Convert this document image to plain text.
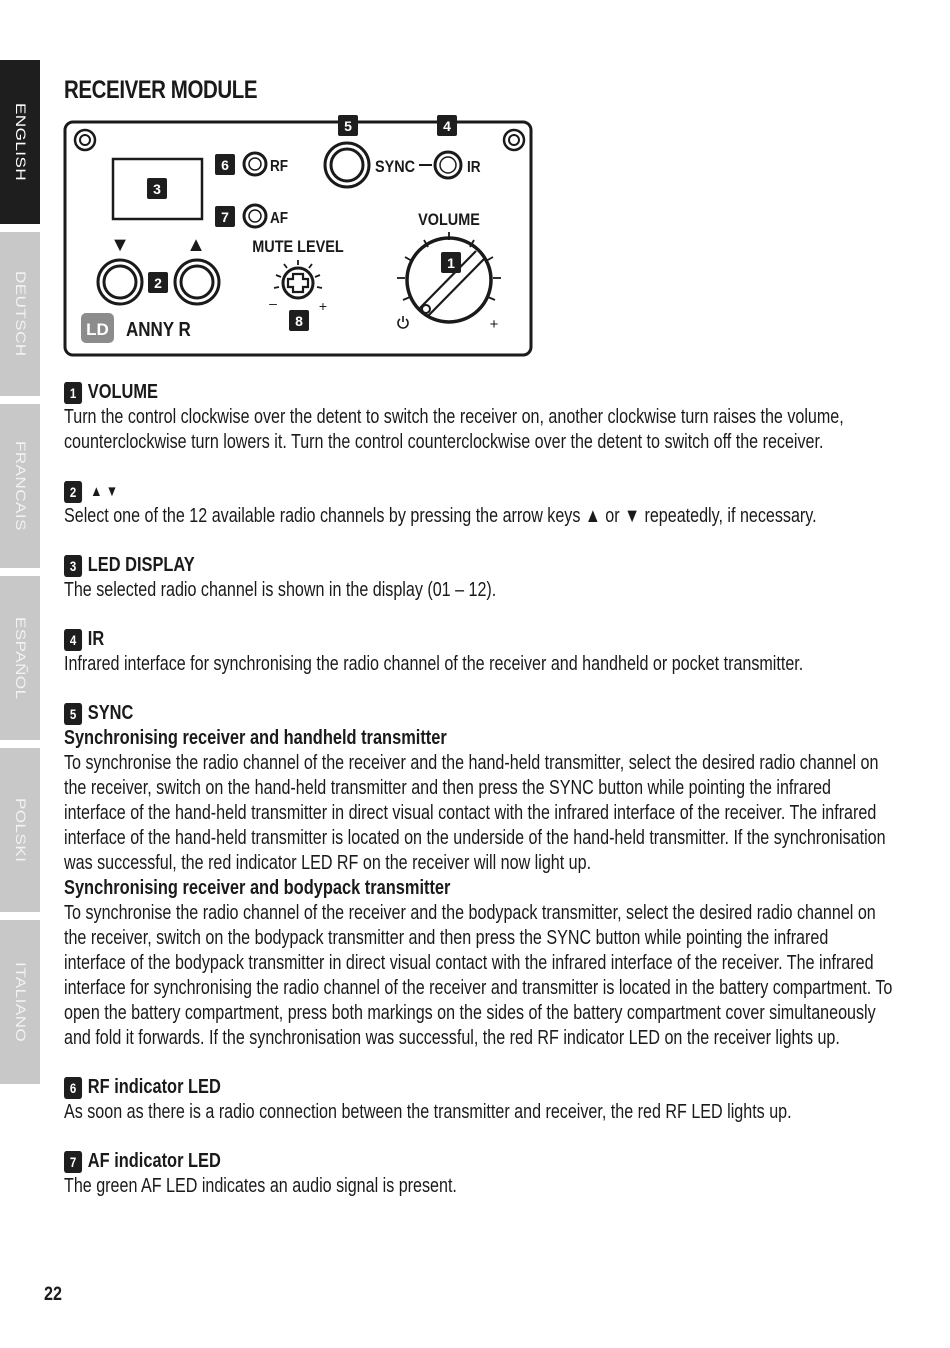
ENGLISH
DEUTSCH
FRANCAIS
ESPAÑOL
POLSKI
ITALIANO
RECEIVER MODULE
3
6	RF
7	AF
5
SYNC
4
IR
▼	▲
2
MUTE LEVEL
–	+
8
VOLUME
1
+
LD ANNY R
1 VOLUME

Turn the control clockwise over the detent to switch the receiver on, another clockwise turn raises the volume, counterclockwise turn lowers it. Turn the control counterclockwise over the detent to switch off the receiver.

2 ▲ ▼

Select one of the 12 available radio channels by pressing the arrow keys ▲ or ▼ repeatedly, if necessary.

3 LED DISPLAY

The selected radio channel is shown in the display (01 – 12).

4 IR

Infrared interface for synchronising the radio channel of the receiver and handheld or pocket transmitter.

5 SYNC
Synchronising receiver and handheld transmitter

To synchronise the radio channel of the receiver and the hand-held transmitter, select the desired radio channel on the receiver, switch on the hand-held transmitter and then press the SYNC button while pointing the infrared interface of the hand-held transmitter in direct visual contact with the infrared interface of the receiver. The infrared interface of the hand-held transmitter is located on the underside of the hand-held transmitter. If the synchronisation was successful, the red indicator LED RF on the receiver will now light up.

Synchronising receiver and bodypack transmitter

To synchronise the radio channel of the receiver and the bodypack transmitter, select the desired radio channel on the receiver, switch on the bodypack transmitter and then press the SYNC button while pointing the infrared interface of the bodypack transmitter in direct visual contact with the infrared interface of the receiver. The infrared interface for synchronising the radio channel of the receiver and transmitter is located in the battery compartment. To open the battery compartment, press both markings on the sides of the battery compartment cover simultaneously and fold it forwards. If the synchronisation was successful, the red RF indicator LED on the receiver lights up.

6 RF indicator LED

As soon as there is a radio connection between the transmitter and receiver, the red RF LED lights up.

7 AF indicator LED

The green AF LED indicates an audio signal is present.

22
